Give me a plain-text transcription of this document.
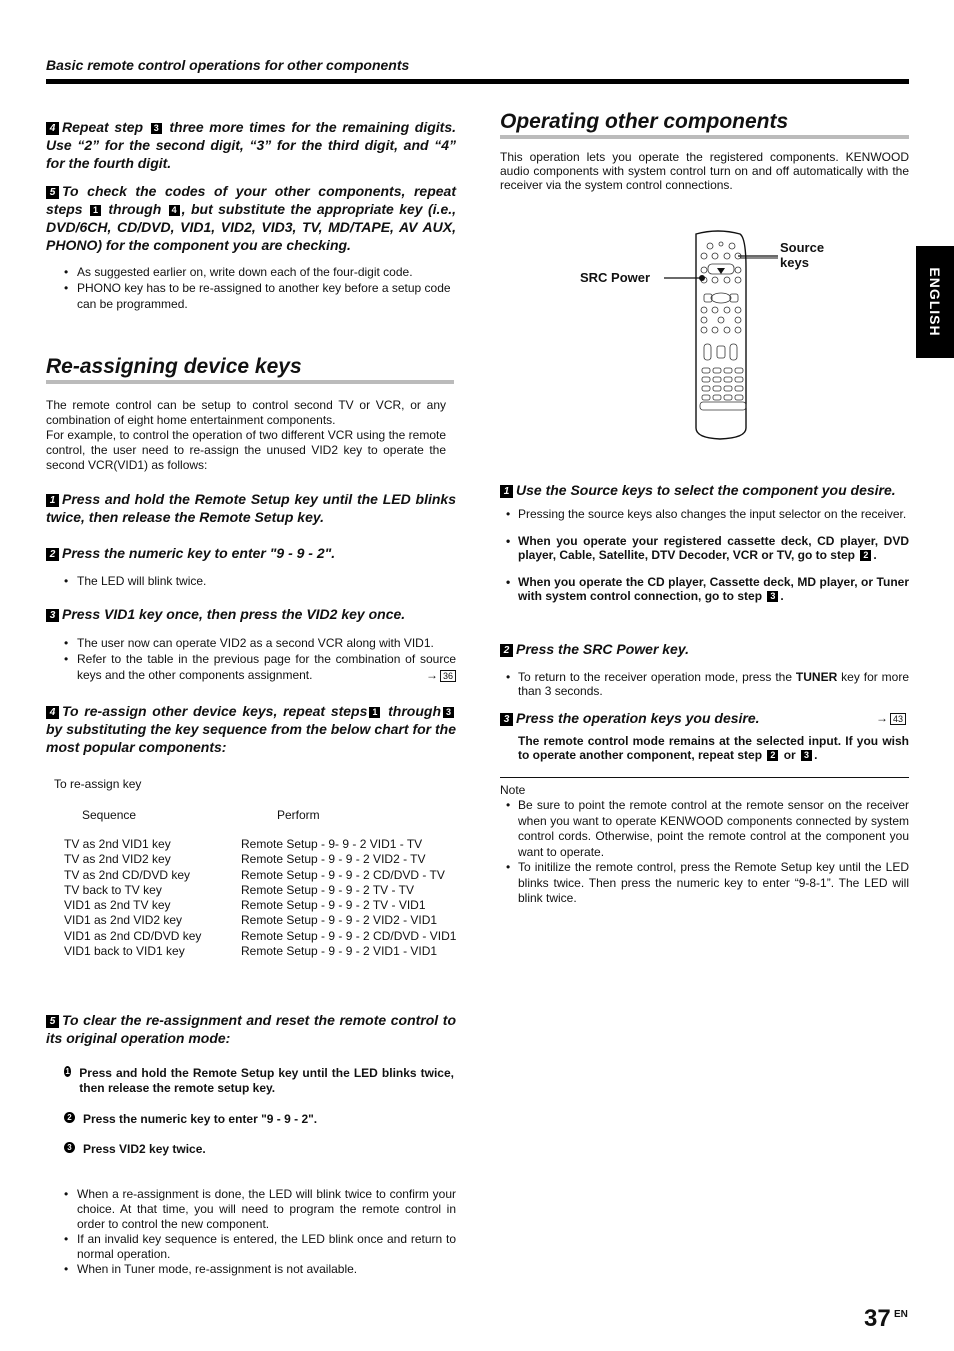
Basic remote control operations for other components
ENGLISH
4 Repeat step 3 three more times for the remaining digits. Use “2” for the second digit, “3” for the third digit, and “4” for the fourth digit.
5 To check the codes of your other components, repeat steps 1 through 4 , but substitute the appropriate key (i.e., DVD/6CH, CD/DVD, VID1, VID2, VID3, TV, MD/TAPE, AV AUX, PHONO) for the component you are checking.
• As suggested earlier on, write down each of the four-digit code.
• PHONO key has to be re-assigned to another key before a setup code can be programmed.
Re-assigning device keys
The remote control can be setup to control second TV or VCR, or any combination of eight home entertainment components.
For example, to control the operation of two different VCR using the remote control, the user need to re-assign the unused VID2 key to operate the second VCR(VID1) as follows:
1 Press and hold the Remote Setup key until the LED blinks twice, then release the Remote Setup key.
2 Press the numeric key to enter "9 - 9 - 2".
• The LED will blink twice.
3 Press VID1 key once, then press the VID2 key once.
• The user now can operate VID2 as a second VCR along with VID1.
• Refer to the table in the previous page for the combination of source keys and the other components assignment.	→ 36
4 To re-assign other device keys, repeat steps 1 through 3 by substituting the key sequence from the below chart for the most popular components:
To re-assign key
Sequence	Perform
TV as 2nd VID1 key	Remote Setup - 9- 9 - 2 VID1 - TV
TV as 2nd VID2 key	Remote Setup - 9 - 9 - 2 VID2 - TV
TV as 2nd CD/DVD key	Remote Setup - 9 - 9 - 2 CD/DVD - TV
TV back to TV key	Remote Setup - 9 - 9 - 2 TV - TV
VID1 as 2nd TV key	Remote Setup - 9 - 9 - 2 TV - VID1
VID1 as 2nd VID2 key	Remote Setup - 9 - 9 - 2 VID2 - VID1
VID1 as 2nd CD/DVD key	Remote Setup - 9 - 9 - 2 CD/DVD - VID1
VID1 back to VID1 key	Remote Setup - 9 - 9 - 2 VID1 - VID1
5 To clear the re-assignment and reset the remote control to its original operation mode:
1 Press and hold the Remote Setup key until the LED blinks twice, then release the remote setup key.
2 Press the numeric key to enter "9 - 9 - 2".
3 Press VID2 key twice.
• When a re-assignment is done, the LED will blink twice to confirm your choice. At that time, you will need to program the remote control in order to control the new component.
• If an invalid key sequence is entered, the LED blink once and return to normal operation.
• When in Tuner mode, re-assignment is not available.
Operating other components
This operation lets you operate the registered components. KENWOOD audio components with system control turn on and off automatically with the receiver via the system control connections.
Source
keys
SRC Power
1 Use the Source keys to select the component you desire.
• Pressing the source keys also changes the input selector on the receiver.
• When you operate your registered cassette deck, CD player, DVD player, Cable, Satellite, DTV Decoder, VCR or TV, go to step 2 .
• When you operate the CD player, Cassette deck, MD player, or Tuner with system control connection, go to step 3 .
2 Press the SRC Power key.
• To return to the receiver operation mode, press the TUNER key for more than 3 seconds.
3 Press the operation keys you desire.	→ 43
The remote control mode remains at the selected input. If you wish to operate another component, repeat step 2 or 3 .
Note
• Be sure to point the remote control at the remote sensor on the receiver when you want to operate KENWOOD components connected by system control cords. Otherwise, point the remote control at the component you want to operate.
• To initilize the remote control, press the Remote Setup key until the LED blinks twice. Then press the numeric key to enter “9-8-1”. The LED will blink twice.
37 EN
